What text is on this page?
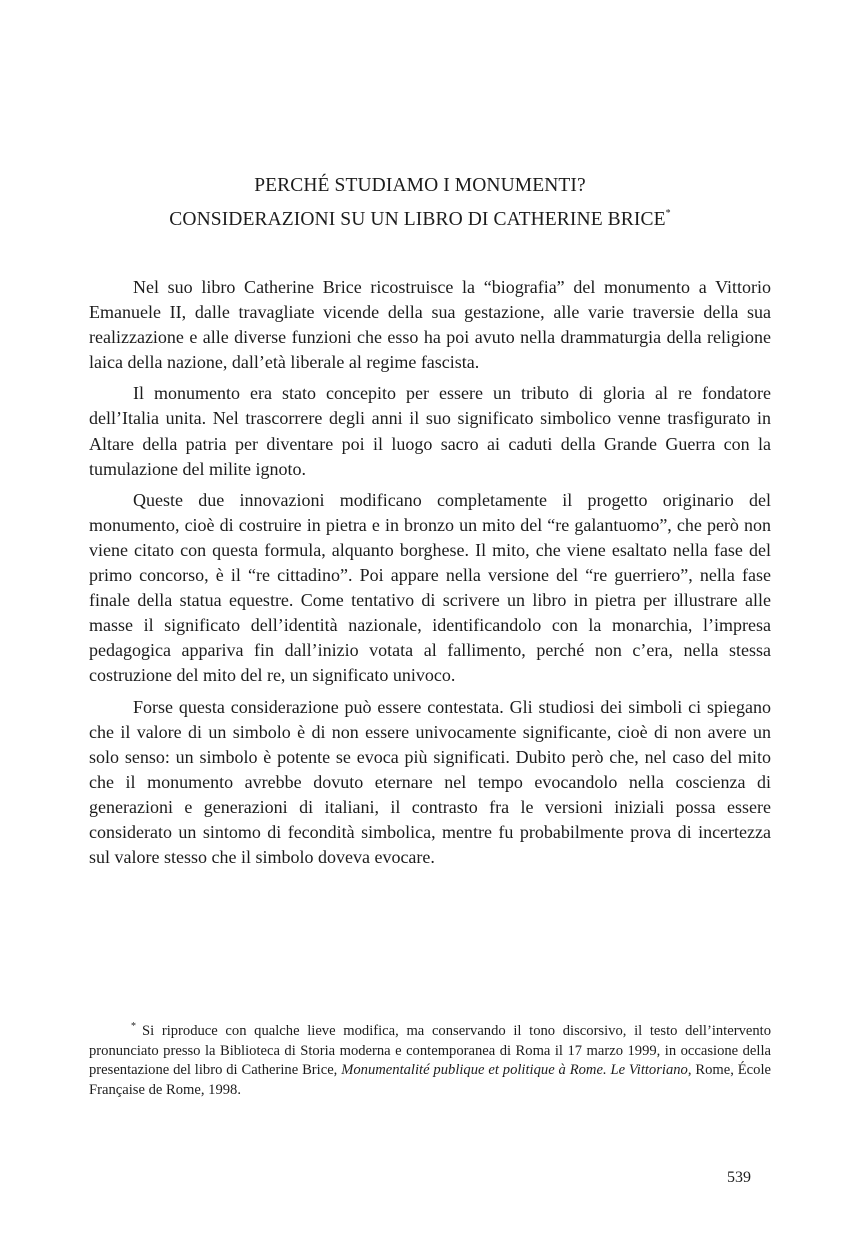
PERCHÉ STUDIAMO I MONUMENTI?
CONSIDERAZIONI SU UN LIBRO DI CATHERINE BRICE*

Nel suo libro Catherine Brice ricostruisce la “biografia” del monumento a Vittorio Emanuele II, dalle travagliate vicende della sua gestazione, alle varie traversie della sua realizzazione e alle diverse funzioni che esso ha poi avuto nella drammaturgia della religione laica della nazione, dall’età liberale al regime fascista.

Il monumento era stato concepito per essere un tributo di gloria al re fondatore dell’Italia unita. Nel trascorrere degli anni il suo significato simbolico venne trasfigurato in Altare della patria per diventare poi il luogo sacro ai caduti della Grande Guerra con la tumulazione del milite ignoto.

Queste due innovazioni modificano completamente il progetto originario del monumento, cioè di costruire in pietra e in bronzo un mito del “re galantuomo”, che però non viene citato con questa formula, alquanto borghese. Il mito, che viene esaltato nella fase del primo concorso, è il “re cittadino”. Poi appare nella versione del “re guerriero”, nella fase finale della statua equestre. Come tentativo di scrivere un libro in pietra per illustrare alle masse il significato dell’identità nazionale, identificandolo con la monarchia, l’impresa pedagogica appariva fin dall’inizio votata al fallimento, perché non c’era, nella stessa costruzione del mito del re, un significato univoco.

Forse questa considerazione può essere contestata. Gli studiosi dei simboli ci spiegano che il valore di un simbolo è di non essere univocamente significante, cioè di non avere un solo senso: un simbolo è potente se evoca più significati. Dubito però che, nel caso del mito che il monumento avrebbe dovuto eternare nel tempo evocandolo nella coscienza di generazioni e generazioni di italiani, il contrasto fra le versioni iniziali possa essere considerato un sintomo di fecondità simbolica, mentre fu probabilmente prova di incertezza sul valore stesso che il simbolo doveva evocare.

* Si riproduce con qualche lieve modifica, ma conservando il tono discorsivo, il testo dell’intervento pronunciato presso la Biblioteca di Storia moderna e contemporanea di Roma il 17 marzo 1999, in occasione della presentazione del libro di Catherine Brice, Monumentalité publique et politique à Rome. Le Vittoriano, Rome, École Française de Rome, 1998.
539
